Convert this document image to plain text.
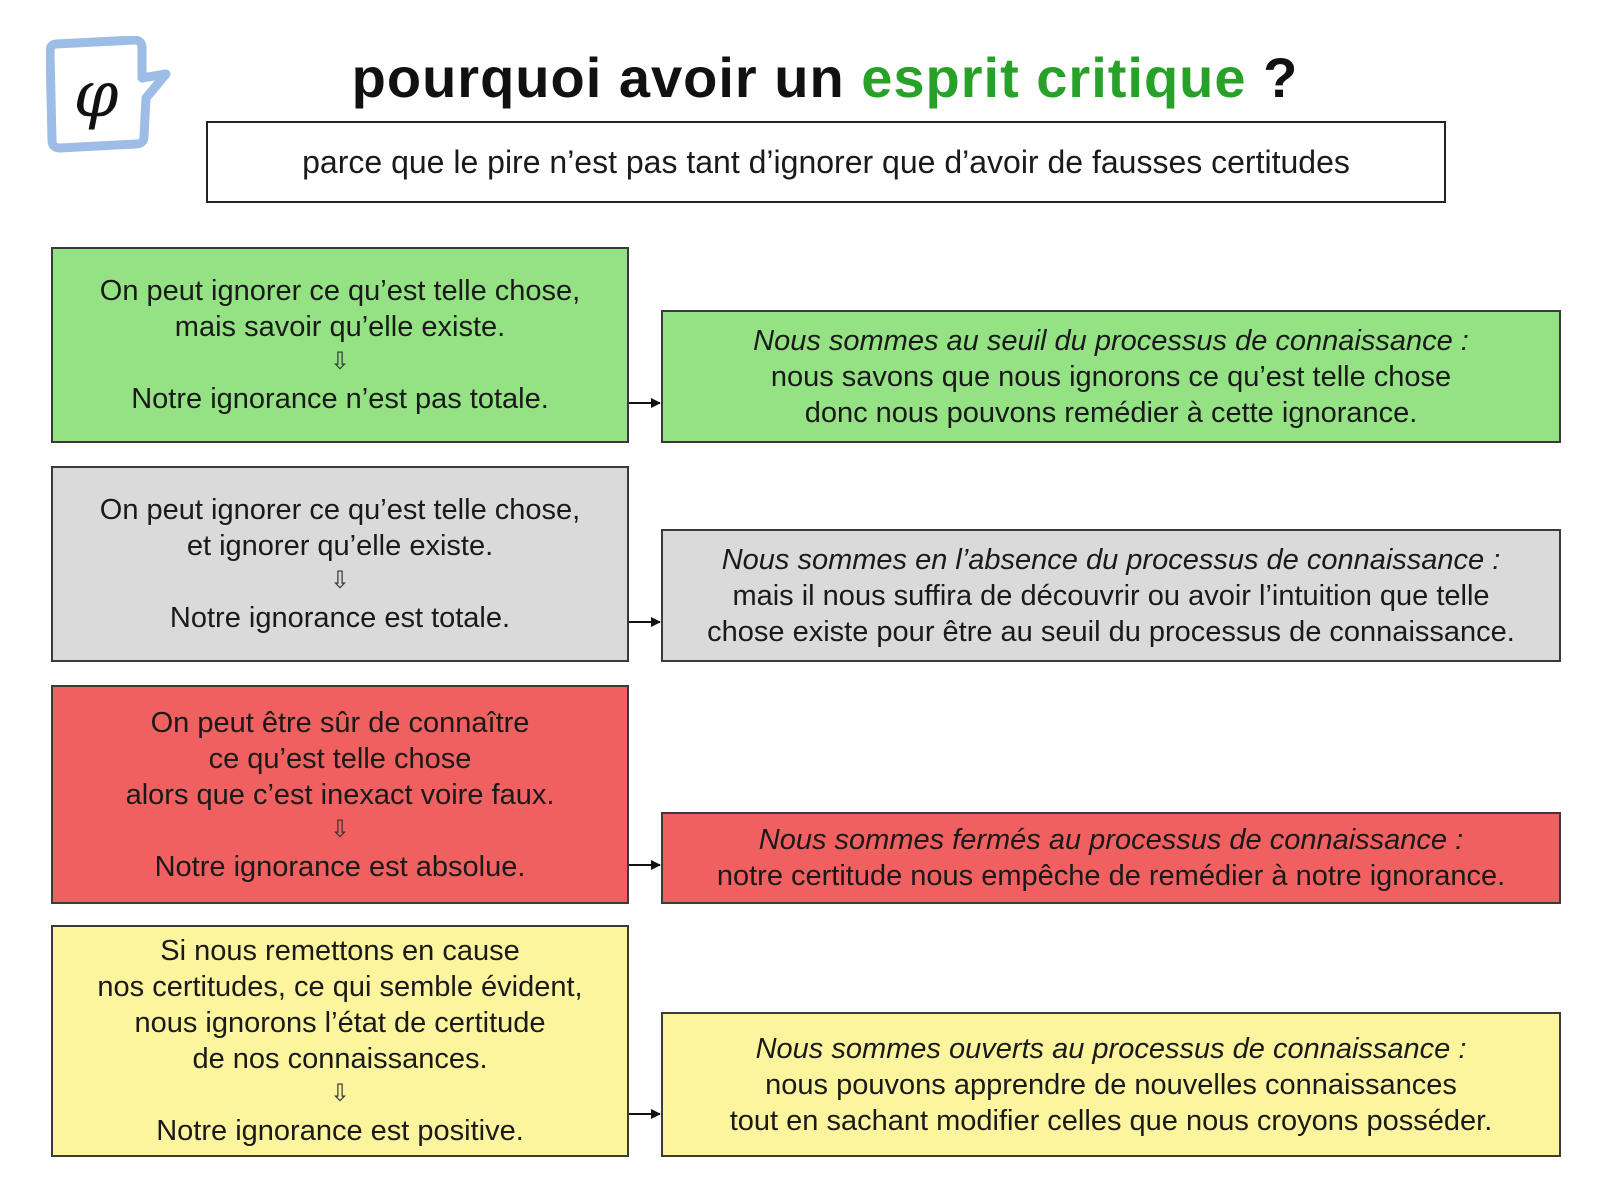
φ	pourquoi avoir un esprit critique ?
parce que le pire n’est pas tant d’ignorer que d’avoir de fausses certitudes
On peut ignorer ce qu’est telle chose,
mais savoir qu’elle existe.
⇩
Notre ignorance n’est pas totale.
Nous sommes au seuil du processus de connaissance :
nous savons que nous ignorons ce qu’est telle chose
donc nous pouvons remédier à cette ignorance.
On peut ignorer ce qu’est telle chose,
et ignorer qu’elle existe.
⇩
Notre ignorance est totale.
Nous sommes en l’absence du processus de connaissance :
mais il nous suffira de découvrir ou avoir l’intuition que telle
chose existe pour être au seuil du processus de connaissance.
On peut être sûr de connaître
ce qu’est telle chose
alors que c’est inexact voire faux.
⇩
Notre ignorance est absolue.
Nous sommes fermés au processus de connaissance :
notre certitude nous empêche de remédier à notre ignorance.
Si nous remettons en cause
nos certitudes, ce qui semble évident,
nous ignorons l’état de certitude
de nos connaissances.
⇩
Notre ignorance est positive.
Nous sommes ouverts au processus de connaissance :
nous pouvons apprendre de nouvelles connaissances
tout en sachant modifier celles que nous croyons posséder.
